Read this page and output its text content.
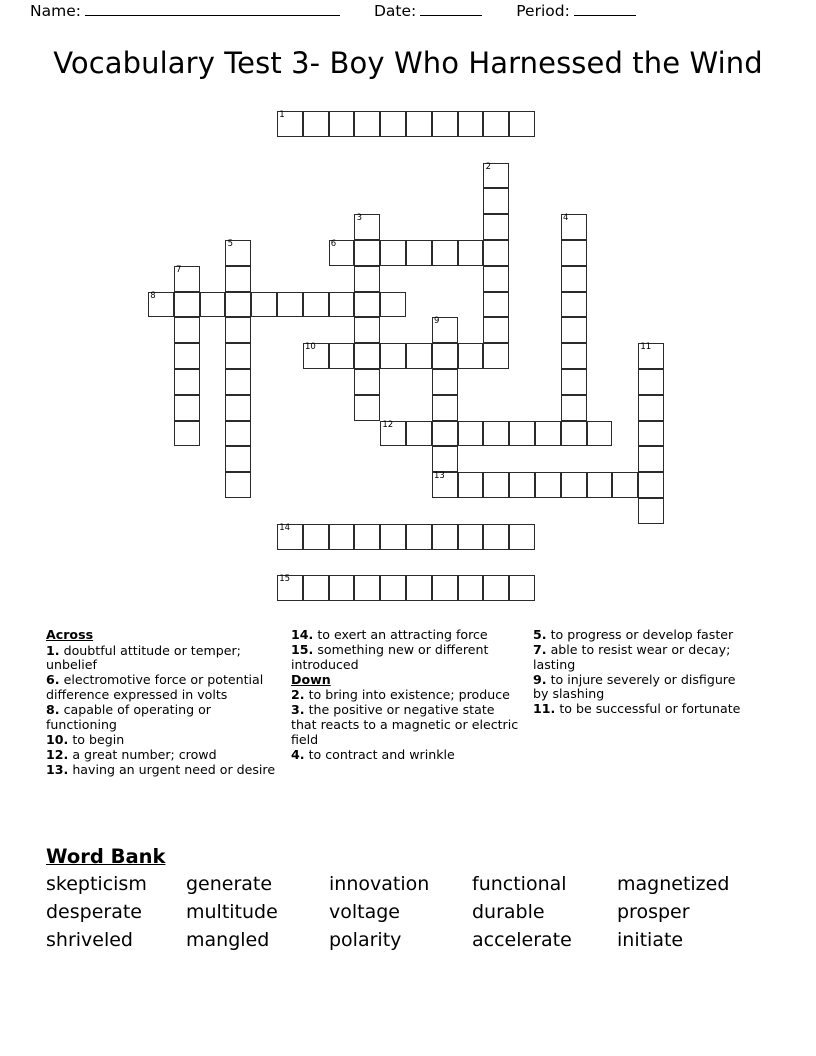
Name:	Date:	Period:
Vocabulary Test 3- Boy Who Harnessed the Wind
1
2
3	4
5	6
7
8
9
13
10	11
12
14
15
Across
1. doubtful attitude or temper; unbelief
6. electromotive force or potential difference expressed in volts
8. capable of operating or functioning
10. to begin
12. a great number; crowd
13. having an urgent need or desire
14. to exert an attracting force
15. something new or different introduced
Down
2. to bring into existence; produce
3. the positive or negative state that reacts to a magnetic or electric field
4. to contract and wrinkle
5. to progress or develop faster
7. able to resist wear or decay; lasting
9. to injure severely or disfigure by slashing
11. to be successful or fortunate
Word Bank
skepticism	generate	innovation	functional	magnetized
desperate	multitude	voltage	durable	prosper
shriveled	mangled	polarity	accelerate	initiate
